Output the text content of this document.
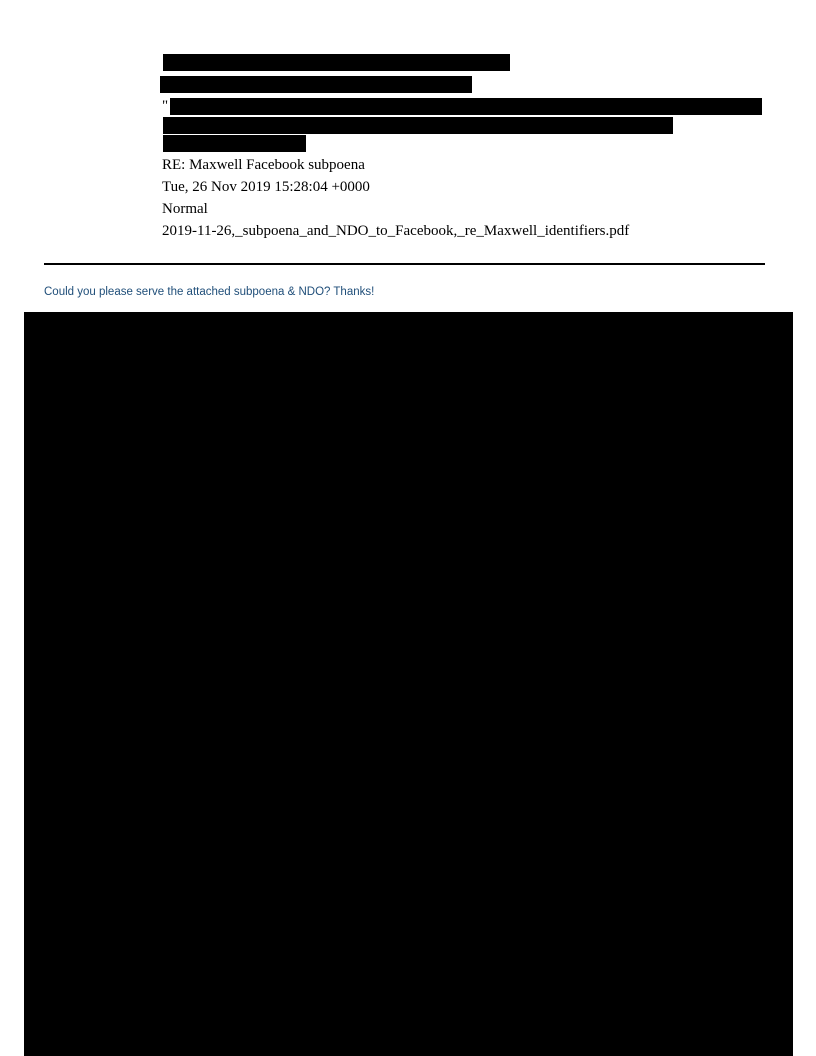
"
RE: Maxwell Facebook subpoena
Tue, 26 Nov 2019 15:28:04 +0000
Normal
2019-11-26,_subpoena_and_NDO_to_Facebook,_re_Maxwell_identifiers.pdf
Could you please serve the attached subpoena & NDO? Thanks!
